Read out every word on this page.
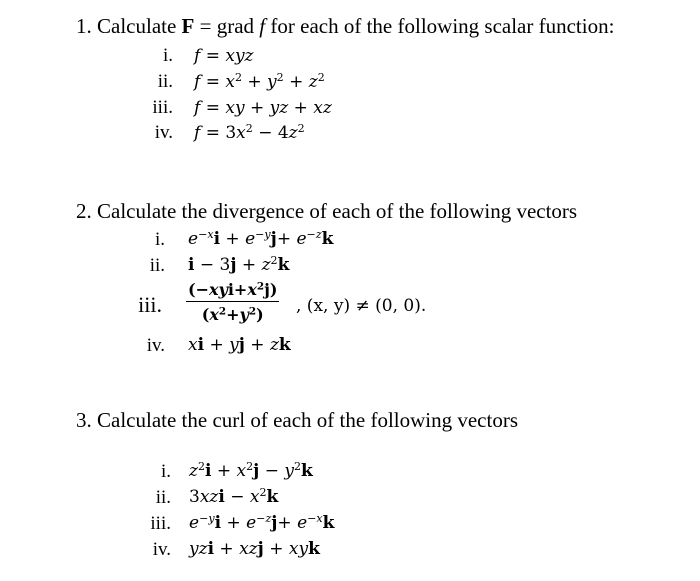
1. Calculate F = grad f for each of the following scalar function:
i. f = xyz
ii. $f = x^2 + y^2 + z^2$
iii. f = xy + yz + xz
iv. $f = 3x^2 - 4z^2$
2. Calculate the divergence of each of the following vectors
i. $e^{-x}i + e^{-y}j+ e^{-z}k$
ii. $i - 3j + z^2k$
iii.
$(-xyi+x^2j)$
$(x^2+y^2)$	, (x, y) ≠ (0, 0).
iv. xi + yj + zk
3. Calculate the curl of each of the following vectors
i. $z^2i + x^2j - y^2k$
ii. $3xzi - x^2k$
iii. $e^{-y}i + e^{-z}j+ e^{-x}k$
iv. yzi + xzj + xyk
